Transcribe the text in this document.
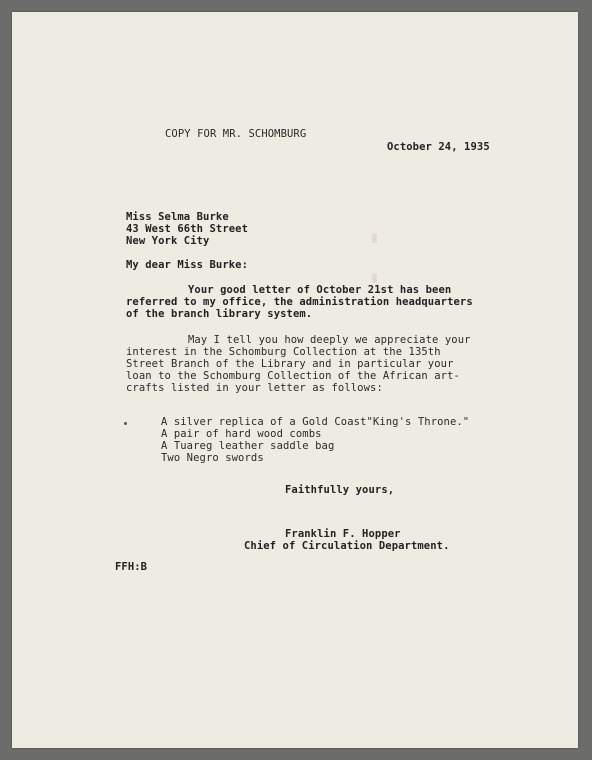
▒
▒
COPY FOR MR. SCHOMBURG
October 24, 1935
Miss Selma Burke
43 West 66th Street
New York City
My dear Miss Burke:
Your good letter of October 21st has been
referred to my office, the administration headquarters
of the branch library system.
May I tell you how deeply we appreciate your
interest in the Schomburg Collection at the 135th
Street Branch of the Library and in particular your
loan to the Schomburg Collection of the African art-
crafts listed in your letter as follows:
A silver replica of a Gold Coast"King's Throne."
A pair of hard wood combs
A Tuareg leather saddle bag
Two Negro swords
Faithfully yours,
Franklin F. Hopper
Chief of Circulation Department.
FFH:B
